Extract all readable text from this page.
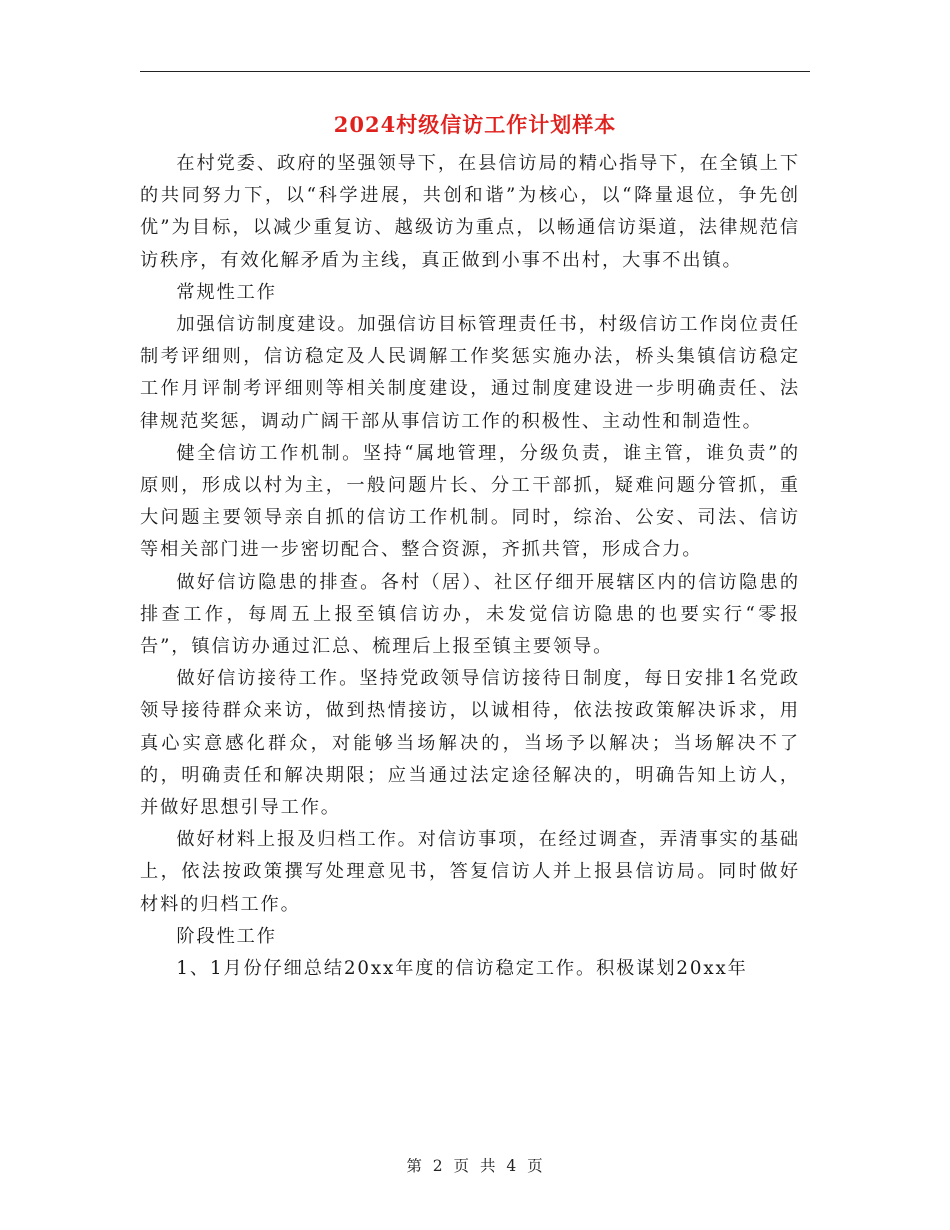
2024村级信访工作计划样本

在村党委、政府的坚强领导下，在县信访局的精心指导下，在全镇上下的共同努力下，以“科学进展，共创和谐”为核心，以“降量退位，争先创优”为目标，以减少重复访、越级访为重点，以畅通信访渠道，法律规范信访秩序，有效化解矛盾为主线，真正做到小事不出村，大事不出镇。

常规性工作

加强信访制度建设。加强信访目标管理责任书，村级信访工作岗位责任制考评细则，信访稳定及人民调解工作奖惩实施办法，桥头集镇信访稳定工作月评制考评细则等相关制度建设，通过制度建设进一步明确责任、法律规范奖惩，调动广阔干部从事信访工作的积极性、主动性和制造性。

健全信访工作机制。坚持“属地管理，分级负责，谁主管，谁负责”的原则，形成以村为主，一般问题片长、分工干部抓，疑难问题分管抓，重大问题主要领导亲自抓的信访工作机制。同时，综治、公安、司法、信访等相关部门进一步密切配合、整合资源，齐抓共管，形成合力。

做好信访隐患的排查。各村（居）、社区仔细开展辖区内的信访隐患的排查工作，每周五上报至镇信访办，未发觉信访隐患的也要实行“零报告”，镇信访办通过汇总、梳理后上报至镇主要领导。

做好信访接待工作。坚持党政领导信访接待日制度，每日安排1名党政领导接待群众来访，做到热情接访，以诚相待，依法按政策解决诉求，用真心实意感化群众，对能够当场解决的，当场予以解决；当场解决不了的，明确责任和解决期限；应当通过法定途径解决的，明确告知上访人，并做好思想引导工作。

做好材料上报及归档工作。对信访事项，在经过调查，弄清事实的基础上，依法按政策撰写处理意见书，答复信访人并上报县信访局。同时做好材料的归档工作。

阶段性工作

1、1月份仔细总结20xx年度的信访稳定工作。积极谋划20xx年

第 2 页 共 4 页
